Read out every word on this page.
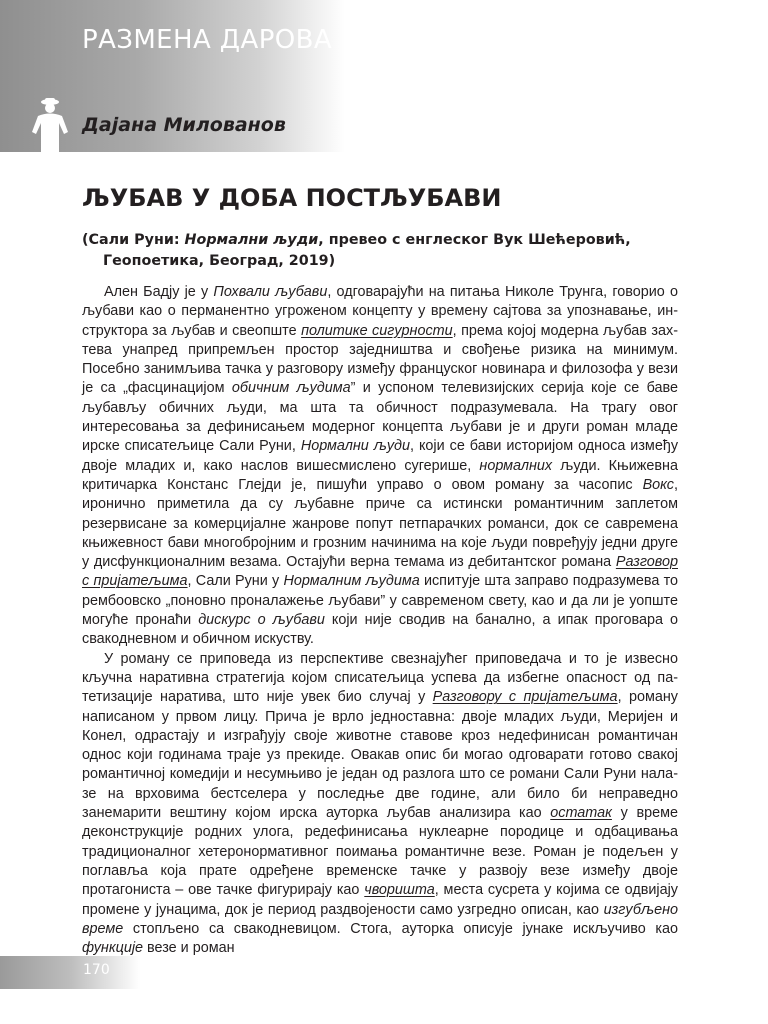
РАЗМЕНА ДАРОВА
Дајана Милованов
ЉУБАВ У ДОБА ПОСТЉУБАВИ

(Сали Руни: Нормални људи, превео с енглеског Вук Шећеровић, Геопоетика, Београд, 2019)

Ален Бадју је у Похвали љубави, одговарајући на питања Николе Трунга, говорио о љубави као о перманентно угроженом концепту у времену сајтова за упознавање, инструктора за љубав и свеопште политике сигурности, према којој модерна љубав захтева унапред припремљен простор заједништва и свођење ризика на минимум. Посебно занимљива тачка у разговору између француског новинара и филозофа у вези је са „фасцинацијом обичним људима” и успоном телевизијских серија које се баве љубављу обичних људи, ма шта та обичност подразумевала. На трагу овог интересовања за дефинисањем модерног концепта љубави је и други роман младе ирске списатељице Сали Руни, Нормални људи, који се бави историјом односа између двоје младих и, како наслов вишесмислено сугерише, нормалних људи. Књижевна критичарка Констанс Глејди је, пишући управо о овом роману за часопис Вокс, иронично приметила да су љубавне приче са истински романтичним заплетом резервисане за комерцијалне жанрове попут петпарачких романси, док се савремена књижевност бави многобројним и грозним начинима на које људи повређују једни друге у дисфункционалним везама. Остајући верна темама из дебитантског романа Разговор с пријатељима, Сали Руни у Нормалним људима испитује шта заправо подразумева то рембоовско „поновно проналажење љубави” у савременом свету, као и да ли је уопште могуће пронаћи дискурс о љубави који није сводив на банално, а ипак проговара о свакодневном и обичном искуству.

У роману се приповеда из перспективе свезнајућег приповедача и то је извесно кључна наративна стратегија којом списатељица успева да избегне опасност од патетизације наратива, што није увек био случај у Разговору с пријатељима, роману написаном у првом лицу. Прича је врло једноставна: двоје младих људи, Меријен и Конел, одрастају и изграђују своје животне ставове кроз недефинисан романтичан однос који годинама траје уз прекиде. Овакав опис би могао одговарати готово свакој романтичној комедији и несумњиво је један од разлога што се романи Сали Руни налазе на врховима бестселера у последње две године, али било би неправедно занемарити вештину којом ирска ауторка љубав анализира као остатак у време деконструкције родних улога, редефинисања нуклеарне породице и одбацивања традиционалног хетеронормативног поимања романтичне везе. Роман је подељен у поглавља која прате одређене временске тачке у развоју везе између двоје протагониста – ове тачке фигурирају као чворишта, места сусрета у којима се одвијају промене у јунацима, док је период раздвојености само узгредно описан, као изгубљено време стопљено са свакодневицом. Стога, ауторка описује јунаке искључиво као функције везе и роман

170
